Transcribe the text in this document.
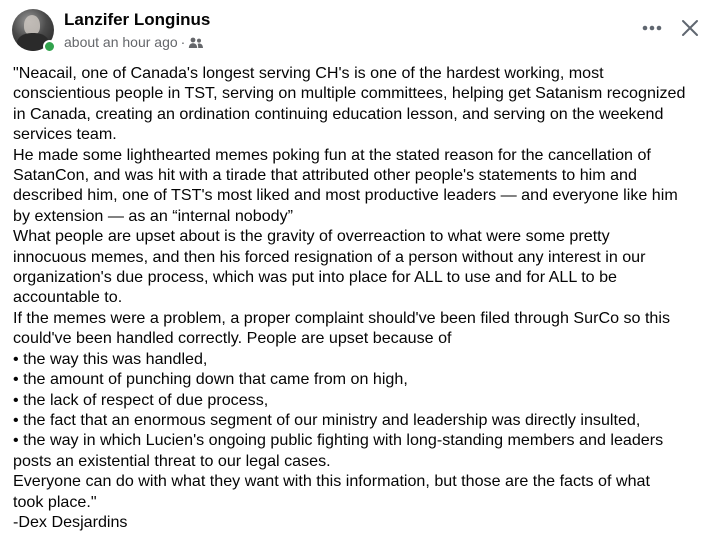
Lanzifer Longinus
about an hour ago ·

"Neacail, one of Canada's longest serving CH's is one of the hardest working, most

conscientious people in TST, serving on multiple committees, helping get Satanism recognized

in Canada, creating an ordination continuing education lesson, and serving on the weekend

services team.

He made some lighthearted memes poking fun at the stated reason for the cancellation of

SatanCon, and was hit with a tirade that attributed other people's statements to him and

described him, one of TST's most liked and most productive leaders — and everyone like him

by extension — as an “internal nobody”

What people are upset about is the gravity of overreaction to what were some pretty

innocuous memes, and then his forced resignation of a person without any interest in our

organization's due process, which was put into place for ALL to use and for ALL to be

accountable to.

If the memes were a problem, a proper complaint should've been filed through SurCo so this

could've been handled correctly. People are upset because of

• the way this was handled,

• the amount of punching down that came from on high,

• the lack of respect of due process,

• the fact that an enormous segment of our ministry and leadership was directly insulted,

• the way in which Lucien's ongoing public fighting with long-standing members and leaders

posts an existential threat to our legal cases.

Everyone can do with what they want with this information, but those are the facts of what

took place."

-Dex Desjardins
